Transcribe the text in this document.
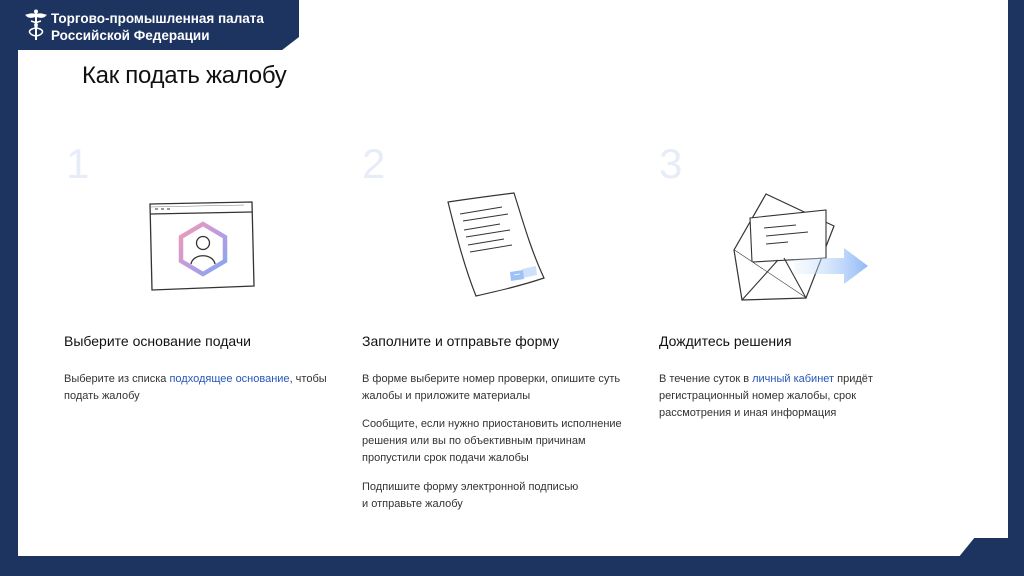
Торгово-промышленная палата
Российской Федерации
Как подать жалобу
1
Выберите основание подачи
Выберите из списка подходящее основание, чтобы
подать жалобу
2
Заполните и отправьте форму
В форме выберите номер проверки, опишите суть
жалобы и приложите материалы
Сообщите, если нужно приостановить исполнение
решения или вы по объективным причинам
пропустили срок подачи жалобы
Подпишите форму электронной подписью
и отправьте жалобу
3
Дождитесь решения
В течение суток в личный кабинет придёт
регистрационный номер жалобы, срок
рассмотрения и иная информация
